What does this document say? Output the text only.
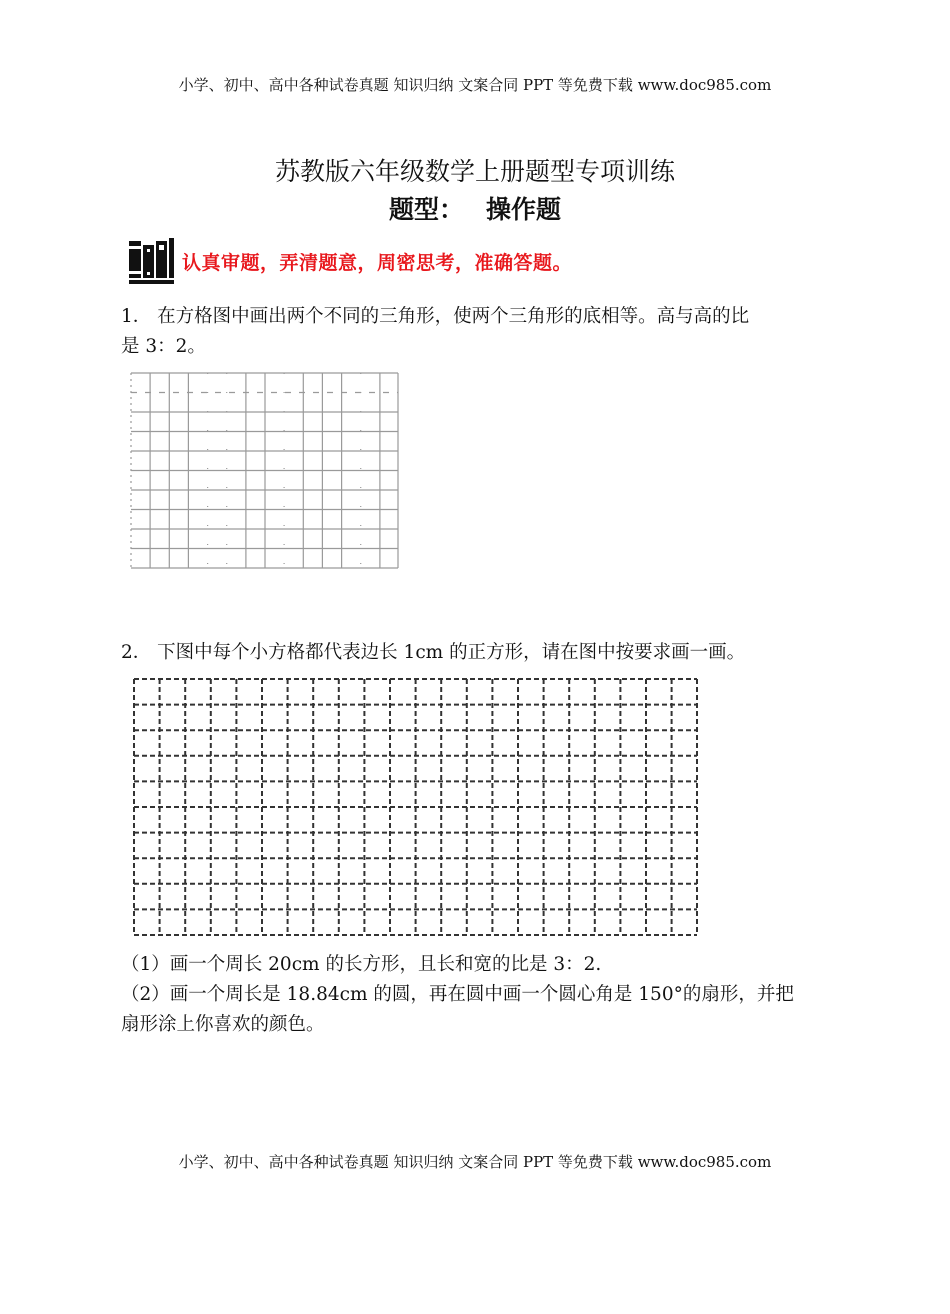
小学、初中、高中各种试卷真题 知识归纳 文案合同 PPT 等免费下载 www.doc985.com
苏教版六年级数学上册题型专项训练
题型： 操作题
认真审题，弄清题意，周密思考，准确答题。
1． 在方格图中画出两个不同的三角形，使两个三角形的底相等。高与高的比
是 3：2。
2． 下图中每个小方格都代表边长 1cm 的正方形，请在图中按要求画一画。
（1）画一个周长 20cm 的长方形，且长和宽的比是 3：2.
（2）画一个周长是 18.84cm 的圆，再在圆中画一个圆心角是 150°的扇形，并把
扇形涂上你喜欢的颜色。
小学、初中、高中各种试卷真题 知识归纳 文案合同 PPT 等免费下载 www.doc985.com
